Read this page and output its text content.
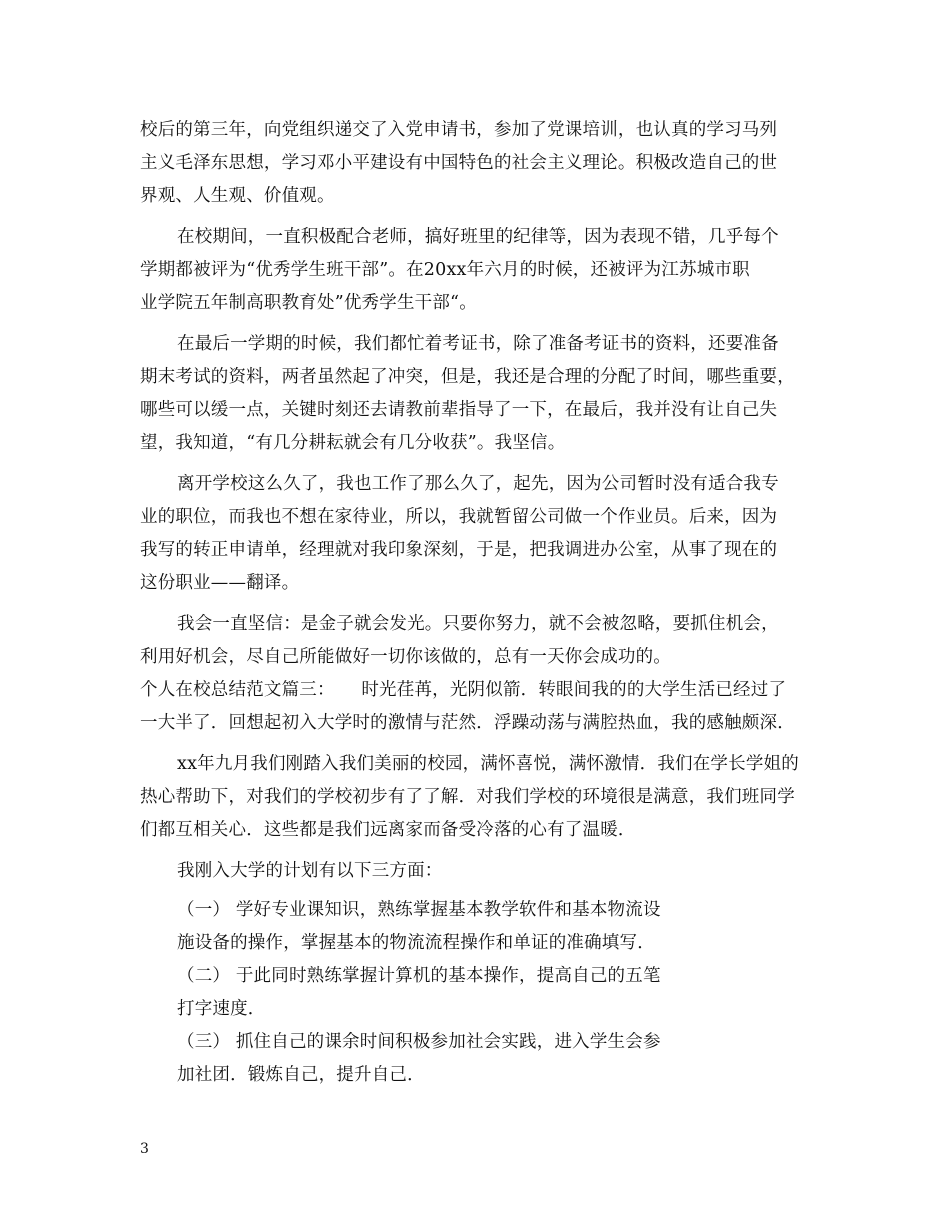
校后的第三年，向党组织递交了入党申请书，参加了党课培训，也认真的学习马列
主义毛泽东思想，学习邓小平建设有中国特色的社会主义理论。积极改造自己的世
界观、人生观、价值观。
在校期间，一直积极配合老师，搞好班里的纪律等，因为表现不错，几乎每个
学期都被评为“优秀学生班干部”。在20xx年六月的时候，还被评为江苏城市职
业学院五年制高职教育处”优秀学生干部“。
在最后一学期的时候，我们都忙着考证书，除了准备考证书的资料，还要准备
期末考试的资料，两者虽然起了冲突，但是，我还是合理的分配了时间，哪些重要，
哪些可以缓一点，关键时刻还去请教前辈指导了一下，在最后，我并没有让自己失
望，我知道，“有几分耕耘就会有几分收获”。我坚信。
离开学校这么久了，我也工作了那么久了，起先，因为公司暂时没有适合我专
业的职位，而我也不想在家待业，所以，我就暂留公司做一个作业员。后来，因为
我写的转正申请单，经理就对我印象深刻，于是，把我调进办公室，从事了现在的
这份职业——翻译。
我会一直坚信：是金子就会发光。只要你努力，就不会被忽略，要抓住机会，
利用好机会，尽自己所能做好一切你该做的，总有一天你会成功的。
个人在校总结范文篇三：　　时光荏苒，光阴似箭．转眼间我的的大学生活已经过了
一大半了．回想起初入大学时的激情与茫然．浮躁动荡与满腔热血，我的感触颇深．
xx年九月我们刚踏入我们美丽的校园，满怀喜悦，满怀激情．我们在学长学姐的
热心帮助下，对我们的学校初步有了了解．对我们学校的环境很是满意，我们班同学
们都互相关心．这些都是我们远离家而备受冷落的心有了温暖．
我刚入大学的计划有以下三方面：
（一） 学好专业课知识，熟练掌握基本教学软件和基本物流设
施设备的操作，掌握基本的物流流程操作和单证的准确填写．
（二） 于此同时熟练掌握计算机的基本操作，提高自己的五笔
打字速度．
（三） 抓住自己的课余时间积极参加社会实践，进入学生会参
加社团．锻炼自己，提升自己．
3
